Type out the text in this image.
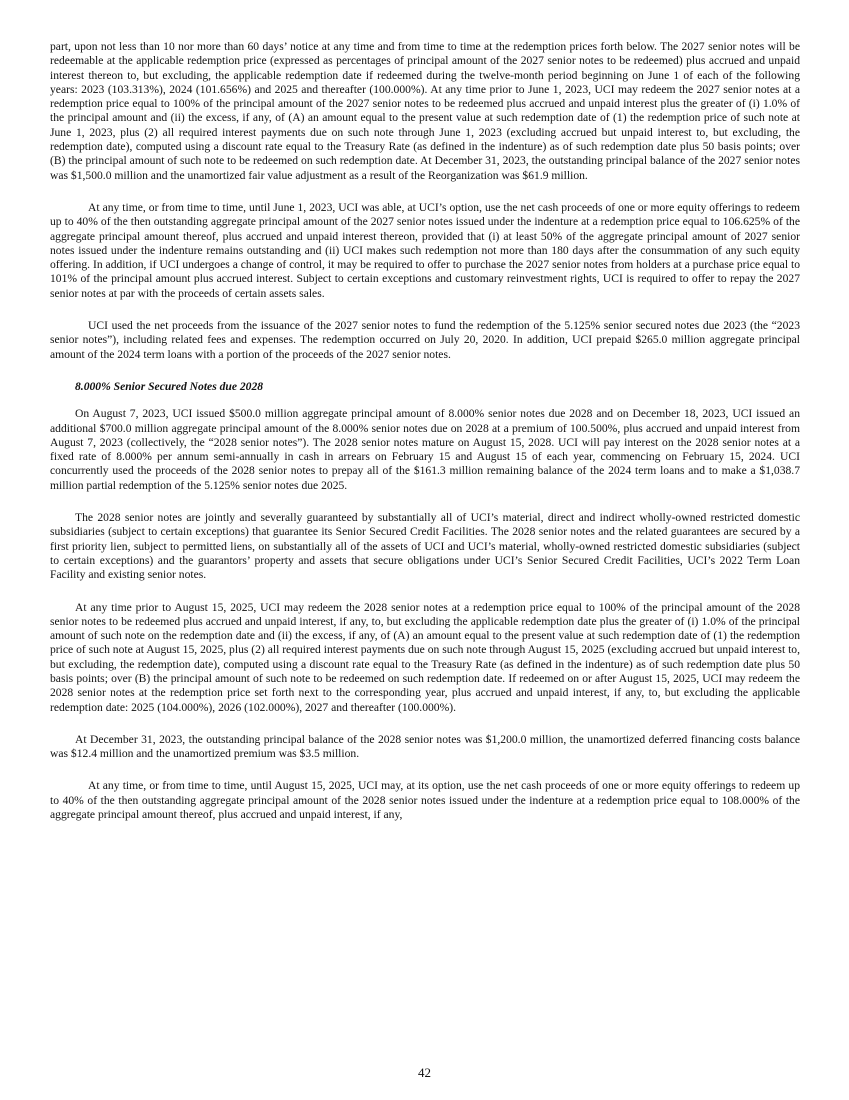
part, upon not less than 10 nor more than 60 days’ notice at any time and from time to time at the redemption prices forth below. The 2027 senior notes will be redeemable at the applicable redemption price (expressed as percentages of principal amount of the 2027 senior notes to be redeemed) plus accrued and unpaid interest thereon to, but excluding, the applicable redemption date if redeemed during the twelve-month period beginning on June 1 of each of the following years: 2023 (103.313%), 2024 (101.656%) and 2025 and thereafter (100.000%). At any time prior to June 1, 2023, UCI may redeem the 2027 senior notes at a redemption price equal to 100% of the principal amount of the 2027 senior notes to be redeemed plus accrued and unpaid interest plus the greater of (i) 1.0% of the principal amount and (ii) the excess, if any, of (A) an amount equal to the present value at such redemption date of (1) the redemption price of such note at June 1, 2023, plus (2) all required interest payments due on such note through June 1, 2023 (excluding accrued but unpaid interest to, but excluding, the redemption date), computed using a discount rate equal to the Treasury Rate (as defined in the indenture) as of such redemption date plus 50 basis points; over (B) the principal amount of such note to be redeemed on such redemption date. At December 31, 2023, the outstanding principal balance of the 2027 senior notes was $1,500.0 million and the unamortized fair value adjustment as a result of the Reorganization was $61.9 million.

At any time, or from time to time, until June 1, 2023, UCI was able, at UCI’s option, use the net cash proceeds of one or more equity offerings to redeem up to 40% of the then outstanding aggregate principal amount of the 2027 senior notes issued under the indenture at a redemption price equal to 106.625% of the aggregate principal amount thereof, plus accrued and unpaid interest thereon, provided that (i) at least 50% of the aggregate principal amount of 2027 senior notes issued under the indenture remains outstanding and (ii) UCI makes such redemption not more than 180 days after the consummation of any such equity offering. In addition, if UCI undergoes a change of control, it may be required to offer to purchase the 2027 senior notes from holders at a purchase price equal to 101% of the principal amount plus accrued interest. Subject to certain exceptions and customary reinvestment rights, UCI is required to offer to repay the 2027 senior notes at par with the proceeds of certain assets sales.

UCI used the net proceeds from the issuance of the 2027 senior notes to fund the redemption of the 5.125% senior secured notes due 2023 (the “2023 senior notes”), including related fees and expenses. The redemption occurred on July 20, 2020. In addition, UCI prepaid $265.0 million aggregate principal amount of the 2024 term loans with a portion of the proceeds of the 2027 senior notes.

8.000% Senior Secured Notes due 2028

On August 7, 2023, UCI issued $500.0 million aggregate principal amount of 8.000% senior notes due 2028 and on December 18, 2023, UCI issued an additional $700.0 million aggregate principal amount of the 8.000% senior notes due on 2028 at a premium of 100.500%, plus accrued and unpaid interest from August 7, 2023 (collectively, the “2028 senior notes”). The 2028 senior notes mature on August 15, 2028. UCI will pay interest on the 2028 senior notes at a fixed rate of 8.000% per annum semi-annually in cash in arrears on February 15 and August 15 of each year, commencing on February 15, 2024. UCI concurrently used the proceeds of the 2028 senior notes to prepay all of the $161.3 million remaining balance of the 2024 term loans and to make a $1,038.7 million partial redemption of the 5.125% senior notes due 2025.

The 2028 senior notes are jointly and severally guaranteed by substantially all of UCI’s material, direct and indirect wholly-owned restricted domestic subsidiaries (subject to certain exceptions) that guarantee its Senior Secured Credit Facilities. The 2028 senior notes and the related guarantees are secured by a first priority lien, subject to permitted liens, on substantially all of the assets of UCI and UCI’s material, wholly-owned restricted domestic subsidiaries (subject to certain exceptions) and the guarantors’ property and assets that secure obligations under UCI’s Senior Secured Credit Facilities, UCI’s 2022 Term Loan Facility and existing senior notes.

At any time prior to August 15, 2025, UCI may redeem the 2028 senior notes at a redemption price equal to 100% of the principal amount of the 2028 senior notes to be redeemed plus accrued and unpaid interest, if any, to, but excluding the applicable redemption date plus the greater of (i) 1.0% of the principal amount of such note on the redemption date and (ii) the excess, if any, of (A) an amount equal to the present value at such redemption date of (1) the redemption price of such note at August 15, 2025, plus (2) all required interest payments due on such note through August 15, 2025 (excluding accrued but unpaid interest to, but excluding, the redemption date), computed using a discount rate equal to the Treasury Rate (as defined in the indenture) as of such redemption date plus 50 basis points; over (B) the principal amount of such note to be redeemed on such redemption date. If redeemed on or after August 15, 2025, UCI may redeem the 2028 senior notes at the redemption price set forth next to the corresponding year, plus accrued and unpaid interest, if any, to, but excluding the applicable redemption date: 2025 (104.000%), 2026 (102.000%), 2027 and thereafter (100.000%).

At December 31, 2023, the outstanding principal balance of the 2028 senior notes was $1,200.0 million, the unamortized deferred financing costs balance was $12.4 million and the unamortized premium was $3.5 million.

At any time, or from time to time, until August 15, 2025, UCI may, at its option, use the net cash proceeds of one or more equity offerings to redeem up to 40% of the then outstanding aggregate principal amount of the 2028 senior notes issued under the indenture at a redemption price equal to 108.000% of the aggregate principal amount thereof, plus accrued and unpaid interest, if any,

42
